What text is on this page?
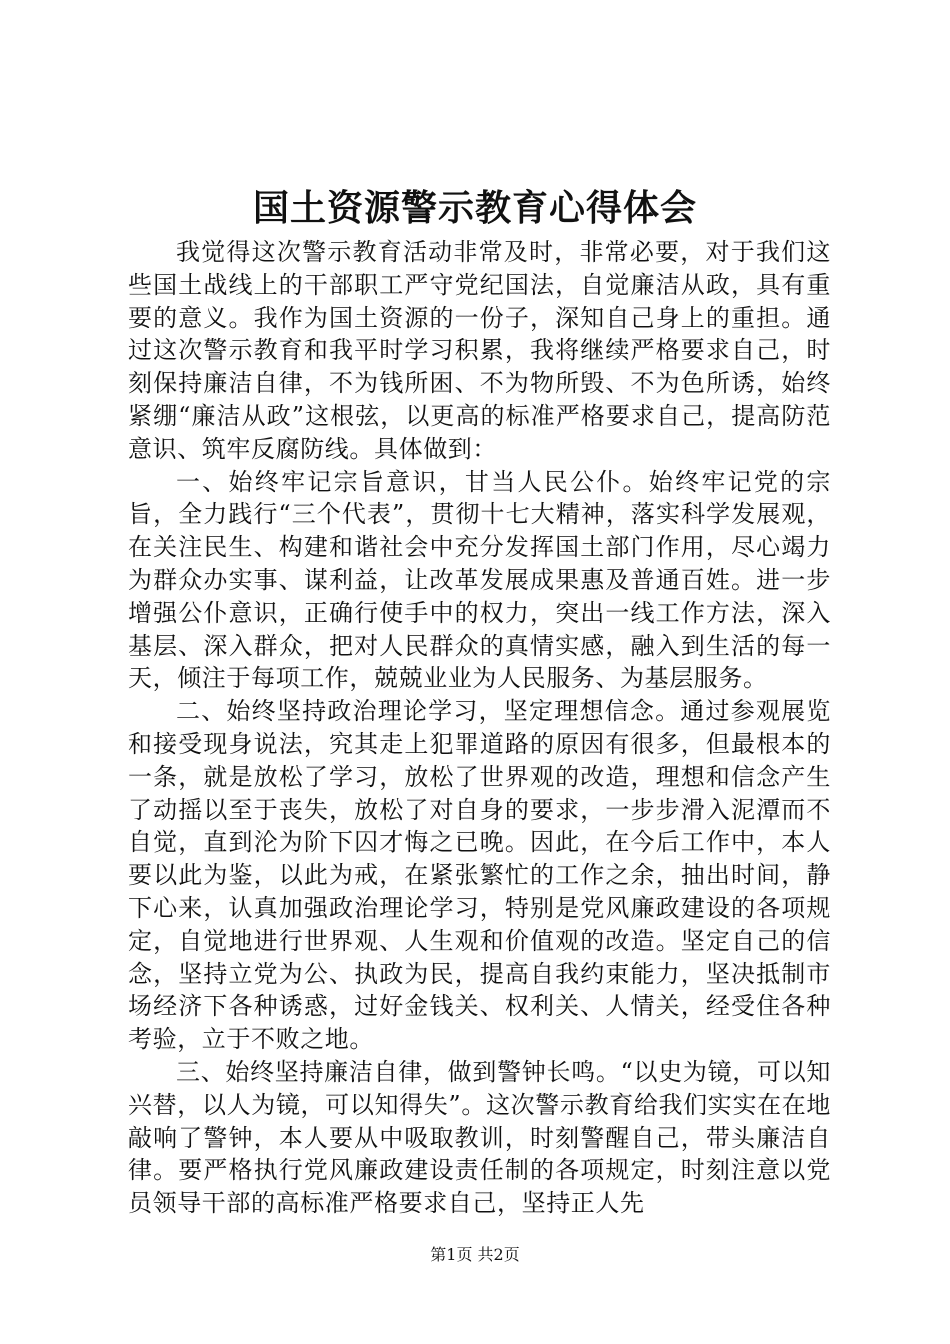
国土资源警示教育心得体会

我觉得这次警示教育活动非常及时，非常必要，对于我们这些国土战线上的干部职工严守党纪国法，自觉廉洁从政，具有重要的意义。我作为国土资源的一份子，深知自己身上的重担。通过这次警示教育和我平时学习积累，我将继续严格要求自己，时刻保持廉洁自律，不为钱所困、不为物所毁、不为色所诱，始终紧绷“廉洁从政”这根弦，以更高的标准严格要求自己，提高防范意识、筑牢反腐防线。具体做到：

一、始终牢记宗旨意识，甘当人民公仆。始终牢记党的宗旨，全力践行“三个代表”，贯彻十七大精神，落实科学发展观，在关注民生、构建和谐社会中充分发挥国土部门作用，尽心竭力为群众办实事、谋利益，让改革发展成果惠及普通百姓。进一步增强公仆意识，正确行使手中的权力，突出一线工作方法，深入基层、深入群众，把对人民群众的真情实感，融入到生活的每一天，倾注于每项工作，兢兢业业为人民服务、为基层服务。

二、始终坚持政治理论学习，坚定理想信念。通过参观展览和接受现身说法，究其走上犯罪道路的原因有很多，但最根本的一条，就是放松了学习，放松了世界观的改造，理想和信念产生了动摇以至于丧失，放松了对自身的要求，一步步滑入泥潭而不自觉，直到沦为阶下囚才悔之已晚。因此，在今后工作中，本人要以此为鉴，以此为戒，在紧张繁忙的工作之余，抽出时间，静下心来，认真加强政治理论学习，特别是党风廉政建设的各项规定，自觉地进行世界观、人生观和价值观的改造。坚定自己的信念，坚持立党为公、执政为民，提高自我约束能力，坚决抵制市场经济下各种诱惑，过好金钱关、权利关、人情关，经受住各种考验，立于不败之地。

三、始终坚持廉洁自律，做到警钟长鸣。“以史为镜，可以知兴替，以人为镜，可以知得失”。这次警示教育给我们实实在在地敲响了警钟，本人要从中吸取教训，时刻警醒自己，带头廉洁自律。要严格执行党风廉政建设责任制的各项规定，时刻注意以党员领导干部的高标准严格要求自己，坚持正人先

第1页 共2页
